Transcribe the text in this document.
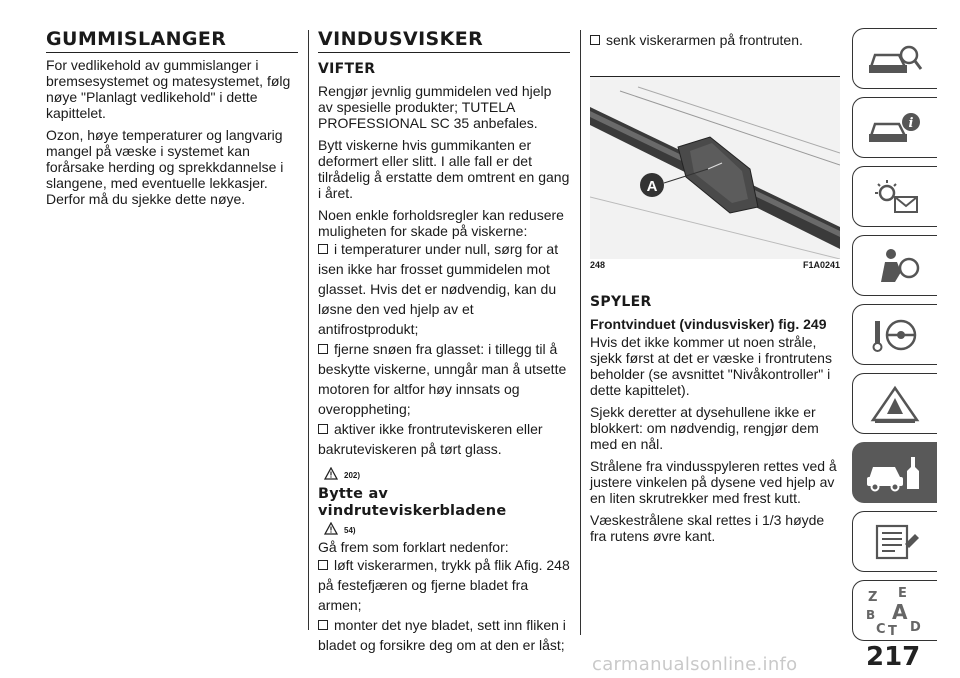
GUMMISLANGER

For vedlikehold av gummislanger i bremsesystemet og matesystemet, følg nøye "Planlagt vedlikehold" i dette kapittelet.

Ozon, høye temperaturer og langvarig mangel på væske i systemet kan forårsake herding og sprekkdannelse i slangene, med eventuelle lekkasjer. Derfor må du sjekke dette nøye.

VINDUSVISKER
VIFTER

Rengjør jevnlig gummidelen ved hjelp av spesielle produkter; TUTELA PROFESSIONAL SC 35 anbefales.

Bytt viskerne hvis gummikanten er deformert eller slitt. I alle fall er det tilrådelig å erstatte dem omtrent en gang i året.

Noen enkle forholdsregler kan redusere muligheten for skade på viskerne:

i temperaturer under null, sørg for at isen ikke har frosset gummidelen mot glasset. Hvis det er nødvendig, kan du løsne den ved hjelp av et antifrostprodukt;
fjerne snøen fra glasset: i tillegg til å beskytte viskerne, unngår man å utsette motoren for altfor høy innsats og overoppheting;
aktiver ikke frontruteviskeren eller bakruteviskeren på tørt glass.
202)
Bytte av vindruteviskerbladene
54)

Gå frem som forklart nedenfor:

løft viskerarmen, trykk på flik Afig. 248 på festefjæren og fjerne bladet fra armen;
monter det nye bladet, sett inn fliken i bladet og forsikre deg om at den er låst;
senk viskerarmen på frontruten.
A
248	F1A0241
SPYLER
Frontvinduet (vindusvisker) fig. 249

Hvis det ikke kommer ut noen stråle, sjekk først at det er væske i frontrutens beholder (se avsnittet "Nivåkontroller" i dette kapittelet).

Sjekk deretter at dysehullene ikke er blokkert: om nødvendig, rengjør dem med en nål.

Strålene fra vindusspyleren rettes ved å justere vinkelen på dysene ved hjelp av en liten skrutrekker med frest kutt.

Væskestrålene skal rettes i 1/3 høyde fra rutens øvre kant.

i
Z E
B A
C T D
217
carmanualsonline.info
